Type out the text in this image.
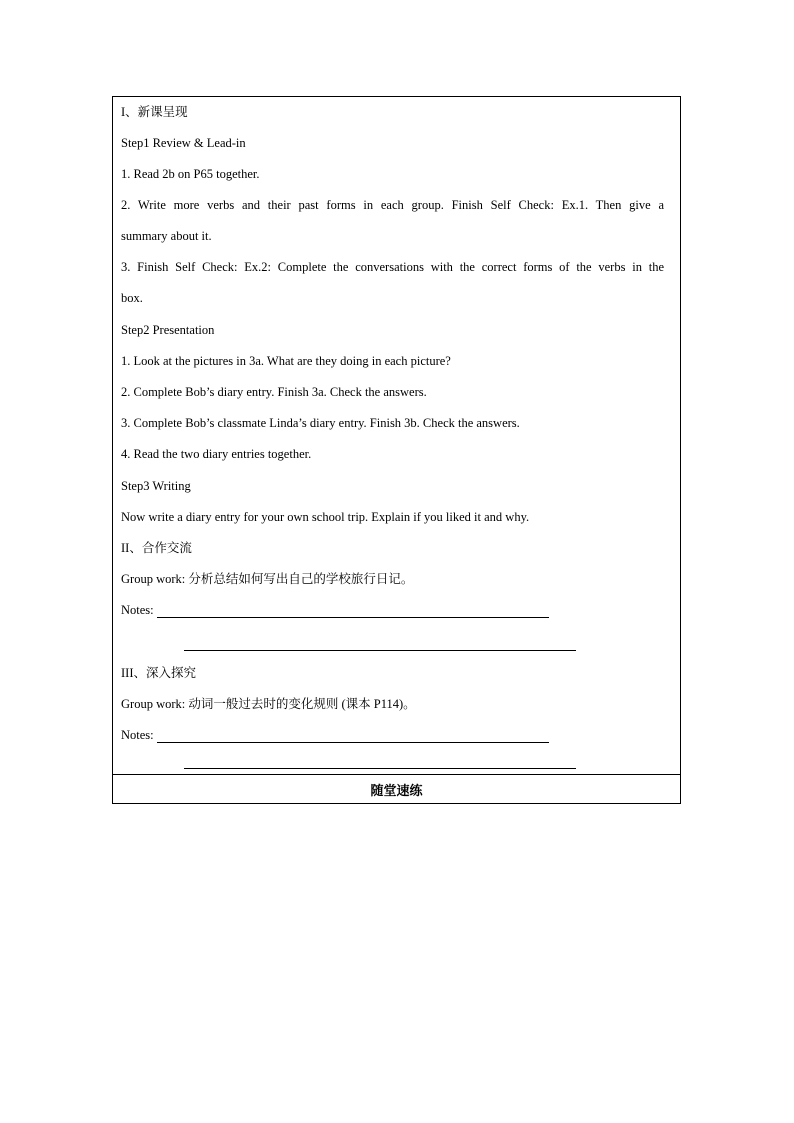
I、新课呈现
Step1 Review & Lead-in
1. Read 2b on P65 together.
2. Write more verbs and their past forms in each group. Finish Self Check: Ex.1. Then give a
summary about it.
3. Finish Self Check: Ex.2: Complete the conversations with the correct forms of the verbs in the
box.
Step2 Presentation
1. Look at the pictures in 3a. What are they doing in each picture?
2. Complete Bob’s diary entry. Finish 3a. Check the answers.
3. Complete Bob’s classmate Linda’s diary entry. Finish 3b. Check the answers.
4. Read the two diary entries together.
Step3 Writing
Now write a diary entry for your own school trip. Explain if you liked it and why.
II、合作交流
Group work: 分析总结如何写出自己的学校旅行日记。
Notes:
III、深入探究
Group work: 动词一般过去时的变化规则 (课本 P114)。
Notes:
随堂速练
